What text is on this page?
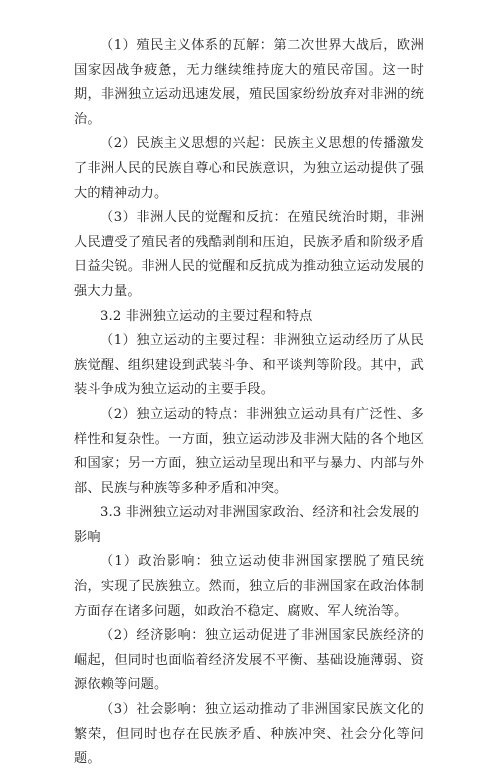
（1）殖民主义体系的瓦解：第二次世界大战后，欧洲国家因战争疲惫，无力继续维持庞大的殖民帝国。这一时期，非洲独立运动迅速发展，殖民国家纷纷放弃对非洲的统治。

（2）民族主义思想的兴起：民族主义思想的传播激发了非洲人民的民族自尊心和民族意识，为独立运动提供了强大的精神动力。

（3）非洲人民的觉醒和反抗：在殖民统治时期，非洲人民遭受了殖民者的残酷剥削和压迫，民族矛盾和阶级矛盾日益尖锐。非洲人民的觉醒和反抗成为推动独立运动发展的强大力量。

3.2 非洲独立运动的主要过程和特点

（1）独立运动的主要过程：非洲独立运动经历了从民族觉醒、组织建设到武装斗争、和平谈判等阶段。其中，武装斗争成为独立运动的主要手段。

（2）独立运动的特点：非洲独立运动具有广泛性、多样性和复杂性。一方面，独立运动涉及非洲大陆的各个地区和国家；另一方面，独立运动呈现出和平与暴力、内部与外部、民族与种族等多种矛盾和冲突。

3.3 非洲独立运动对非洲国家政治、经济和社会发展的影响

（1）政治影响：独立运动使非洲国家摆脱了殖民统治，实现了民族独立。然而，独立后的非洲国家在政治体制方面存在诸多问题，如政治不稳定、腐败、军人统治等。

（2）经济影响：独立运动促进了非洲国家民族经济的崛起，但同时也面临着经济发展不平衡、基础设施薄弱、资源依赖等问题。

（3）社会影响：独立运动推动了非洲国家民族文化的繁荣，但同时也存在民族矛盾、种族冲突、社会分化等问题。
